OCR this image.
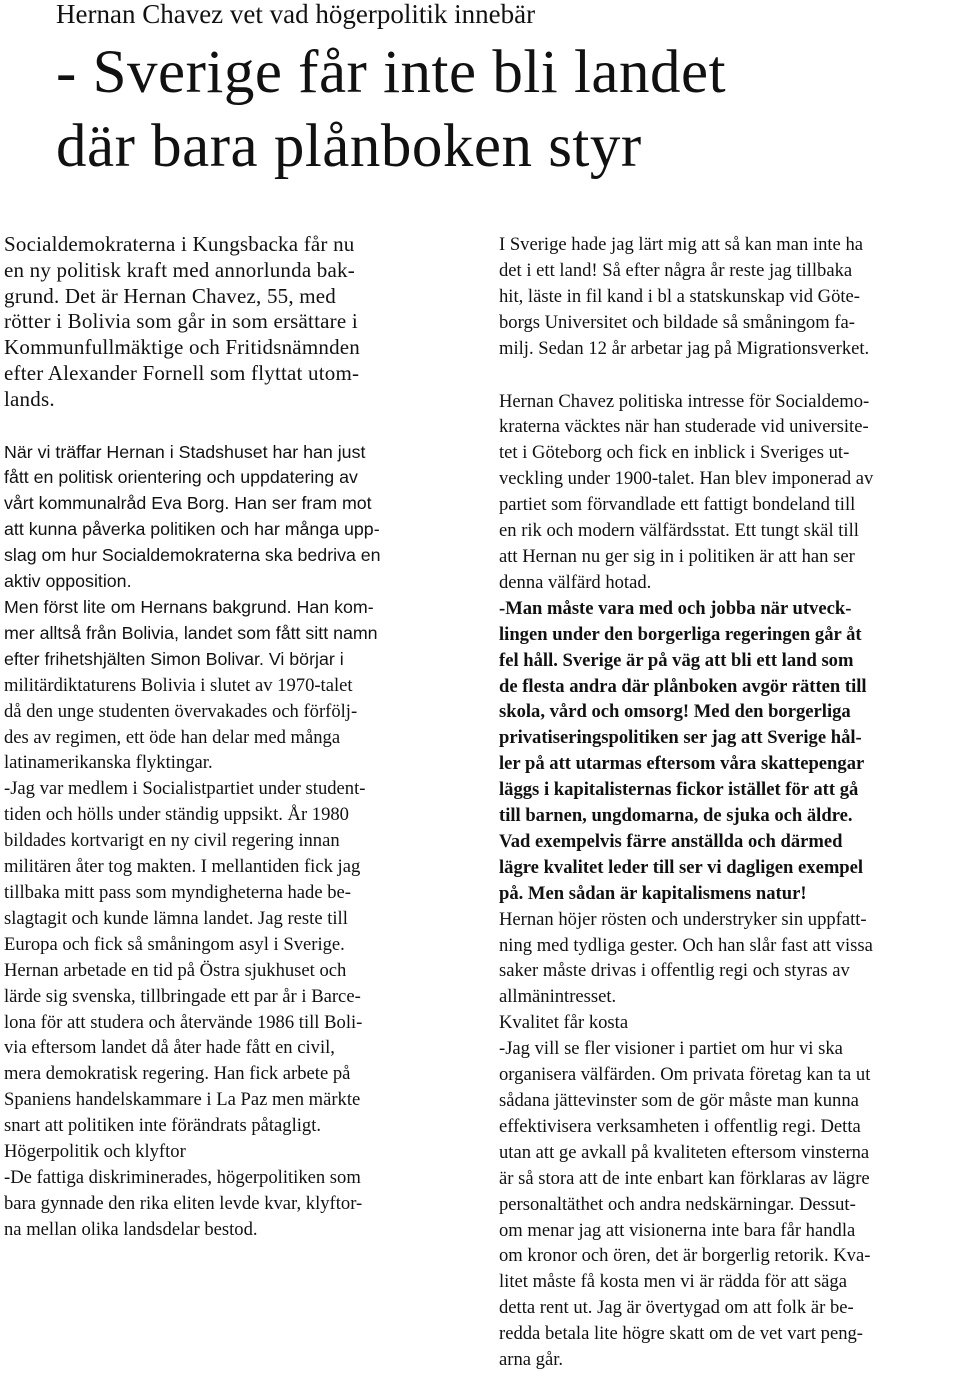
Hernan Chavez vet vad högerpolitik innebär
- Sverige får inte bli landet
där bara plånboken styr
Socialdemokraterna i Kungsbacka får nu
en ny politisk kraft med annorlunda bak-
grund. Det är Hernan Chavez, 55, med
rötter i Bolivia som går in som ersättare i
Kommunfullmäktige och Fritidsnämnden
efter Alexander Fornell som flyttat utom-
lands.
När vi träffar Hernan i Stadshuset har han just
fått en politisk orientering och uppdatering av
vårt kommunalråd Eva Borg. Han ser fram mot
att kunna påverka politiken och har många upp-
slag om hur Socialdemokraterna ska bedriva en
aktiv opposition.
Men först lite om Hernans bakgrund. Han kom-
mer alltså från Bolivia, landet som fått sitt namn
efter frihetshjälten Simon Bolivar. Vi börjar i
militärdiktaturens Bolivia i slutet av 1970-talet
då den unge studenten övervakades och förfölj-
des av regimen, ett öde han delar med många
latinamerikanska flyktingar.
-Jag var medlem i Socialistpartiet under student-
tiden och hölls under ständig uppsikt. År 1980
bildades kortvarigt en ny civil regering innan
militären åter tog makten. I mellantiden fick jag
tillbaka mitt pass som myndigheterna hade be-
slagtagit och kunde lämna landet. Jag reste till
Europa och fick så småningom asyl i Sverige.
Hernan arbetade en tid på Östra sjukhuset och
lärde sig svenska, tillbringade ett par år i Barce-
lona för att studera och återvände 1986 till Boli-
via eftersom landet då åter hade fått en civil,
mera demokratisk regering. Han fick arbete på
Spaniens handelskammare i La Paz men märkte
snart att politiken inte förändrats påtagligt.
Högerpolitik och klyftor
-De fattiga diskriminerades, högerpolitiken som
bara gynnade den rika eliten levde kvar, klyftor-
na mellan olika landsdelar bestod.
I Sverige hade jag lärt mig att så kan man inte ha
det i ett land! Så efter några år reste jag tillbaka
hit, läste in fil kand i bl a statskunskap vid Göte-
borgs Universitet och bildade så småningom fa-
milj. Sedan 12 år arbetar jag på Migrationsverket.
Hernan Chavez politiska intresse för Socialdemo-
kraterna väcktes när han studerade vid universite-
tet i Göteborg och fick en inblick i Sveriges ut-
veckling under 1900-talet. Han blev imponerad av
partiet som förvandlade ett fattigt bondeland till
en rik och modern välfärdsstat. Ett tungt skäl till
att Hernan nu ger sig in i politiken är att han ser
denna välfärd hotad.
-Man måste vara med och jobba när utveck-
lingen under den borgerliga regeringen går åt
fel håll. Sverige är på väg att bli ett land som
de flesta andra där plånboken avgör rätten till
skola, vård och omsorg! Med den borgerliga
privatiseringspolitiken ser jag att Sverige hål-
ler på att utarmas eftersom våra skattepengar
läggs i kapitalisternas fickor istället för att gå
till barnen, ungdomarna, de sjuka och äldre.
Vad exempelvis färre anställda och därmed
lägre kvalitet leder till ser vi dagligen exempel
på. Men sådan är kapitalismens natur!
Hernan höjer rösten och understryker sin uppfatt-
ning med tydliga gester. Och han slår fast att vissa
saker måste drivas i offentlig regi och styras av
allmänintresset.
Kvalitet får kosta
-Jag vill se fler visioner i partiet om hur vi ska
organisera välfärden. Om privata företag kan ta ut
sådana jättevinster som de gör måste man kunna
effektivisera verksamheten i offentlig regi. Detta
utan att ge avkall på kvaliteten eftersom vinsterna
är så stora att de inte enbart kan förklaras av lägre
personaltäthet och andra nedskärningar. Dessut-
om menar jag att visionerna inte bara får handla
om kronor och ören, det är borgerlig retorik. Kva-
litet måste få kosta men vi är rädda för att säga
detta rent ut. Jag är övertygad om att folk är be-
redda betala lite högre skatt om de vet vart peng-
arna går.
